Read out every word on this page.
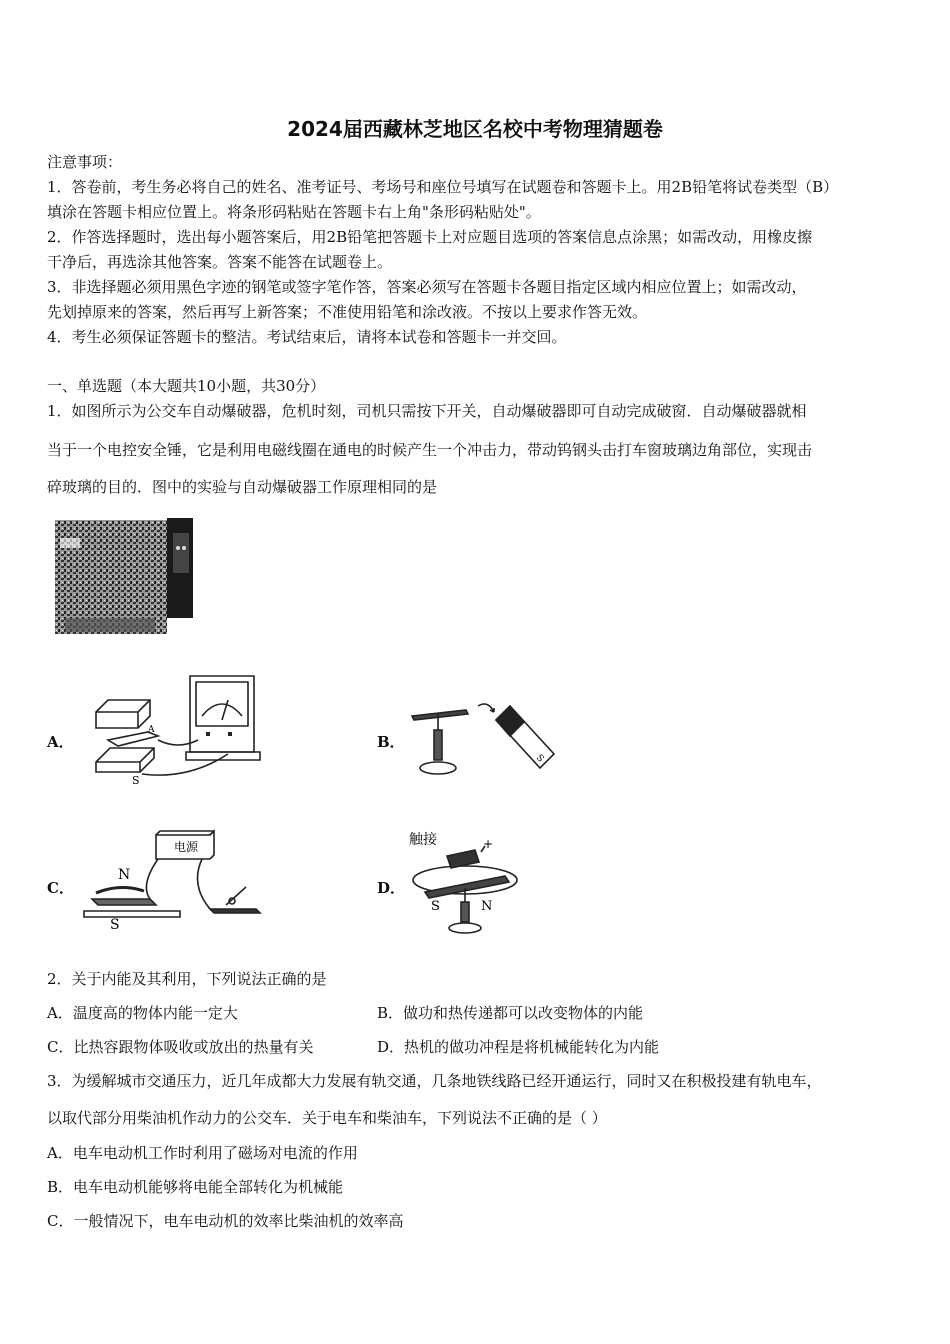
2024届西藏林芝地区名校中考物理猜题卷
注意事项：
1．答卷前，考生务必将自己的姓名、准考证号、考场号和座位号填写在试题卷和答题卡上。用2B铅笔将试卷类型（B）
填涂在答题卡相应位置上。将条形码粘贴在答题卡右上角"条形码粘贴处"。
2．作答选择题时，选出每小题答案后，用2B铅笔把答题卡上对应题目选项的答案信息点涂黑；如需改动，用橡皮擦
干净后，再选涂其他答案。答案不能答在试题卷上。
3．非选择题必须用黑色字迹的钢笔或签字笔作答，答案必须写在答题卡各题目指定区域内相应位置上；如需改动，
先划掉原来的答案，然后再写上新答案；不准使用铅笔和涂改液。不按以上要求作答无效。
4．考生必须保证答题卡的整洁。考试结束后，请将本试卷和答题卡一并交回。
一、单选题（本大题共10小题，共30分）
1．如图所示为公交车自动爆破器，危机时刻，司机只需按下开关，自动爆破器即可自动完成破窗．自动爆破器就相
当于一个电控安全锤，它是利用电磁线圈在通电的时候产生一个冲击力，带动钨钢头击打车窗玻璃边角部位，实现击
碎玻璃的目的．图中的实验与自动爆破器工作原理相同的是
A．
S
A
B．
S
C．
电源
N
S
D．
触接	+
S	N
2．关于内能及其利用，下列说法正确的是
A．温度高的物体内能一定大	B．做功和热传递都可以改变物体的内能
C．比热容跟物体吸收或放出的热量有关	D．热机的做功冲程是将机械能转化为内能
3．为缓解城市交通压力，近几年成都大力发展有轨交通，几条地铁线路已经开通运行，同时又在积极投建有轨电车，
以取代部分用柴油机作动力的公交车．关于电车和柴油车，下列说法不正确的是（ ）
A．电车电动机工作时利用了磁场对电流的作用
B．电车电动机能够将电能全部转化为机械能
C．一般情况下，电车电动机的效率比柴油机的效率高
